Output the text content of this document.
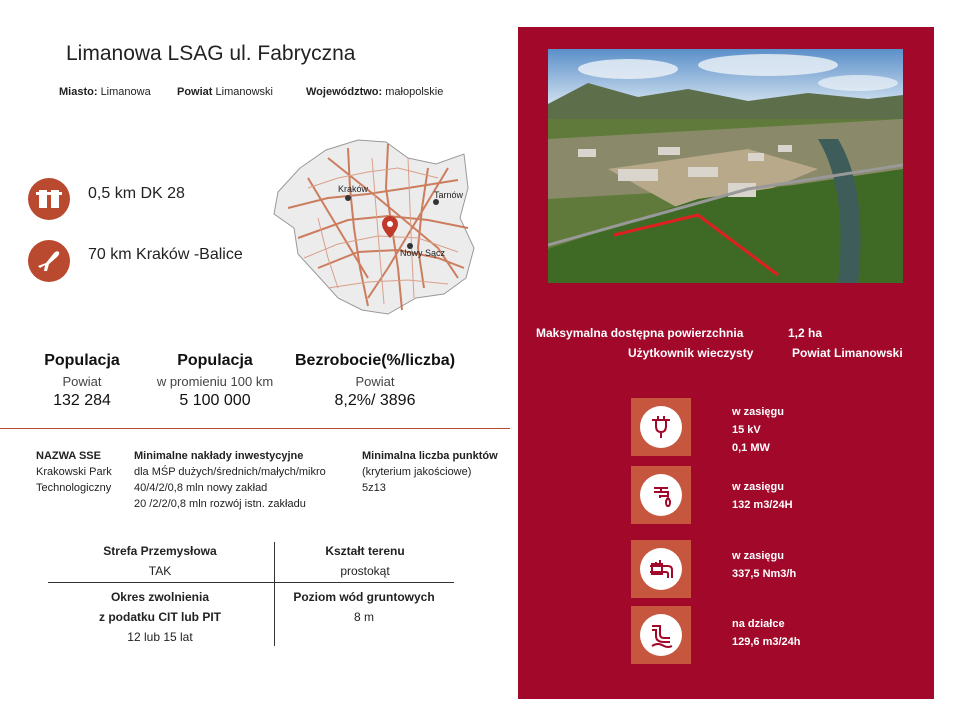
Limanowa LSAG ul. Fabryczna
Miasto: Limanowa Powiat Limanowski	Województwo: małopolskie
0,5 km DK 28
70 km Kraków -Balice
Kraków
Tarnów
Nowy Sącz
Populacja
Powiat
132 284
Populacja
w promieniu 100 km
5 100 000
Bezrobocie(%/liczba)
Powiat
8,2%/ 3896
NAZWA SSE
Krakowski Park
Technologiczny
Minimalne nakłady inwestycyjne
dla MŚP dużych/średnich/małych/mikro
40/4/2/0,8 mln nowy zakład
20 /2/2/0,8 mln rozwój istn. zakładu
Minimalna liczba punktów
(kryterium jakościowe)
5z13
Strefa Przemysłowa
TAK
Kształt terenu
prostokąt
Okres zwolnienia
z podatku CIT lub PIT
12 lub 15 lat
Poziom wód gruntowych
8 m
Maksymalna dostępna powierzchnia	1,2 ha
Użytkownik wieczysty	Powiat Limanowski
w zasięgu
15 kV
0,1 MW
w zasięgu
132 m3/24H
w zasięgu
337,5 Nm3/h
na działce
129,6 m3/24h
